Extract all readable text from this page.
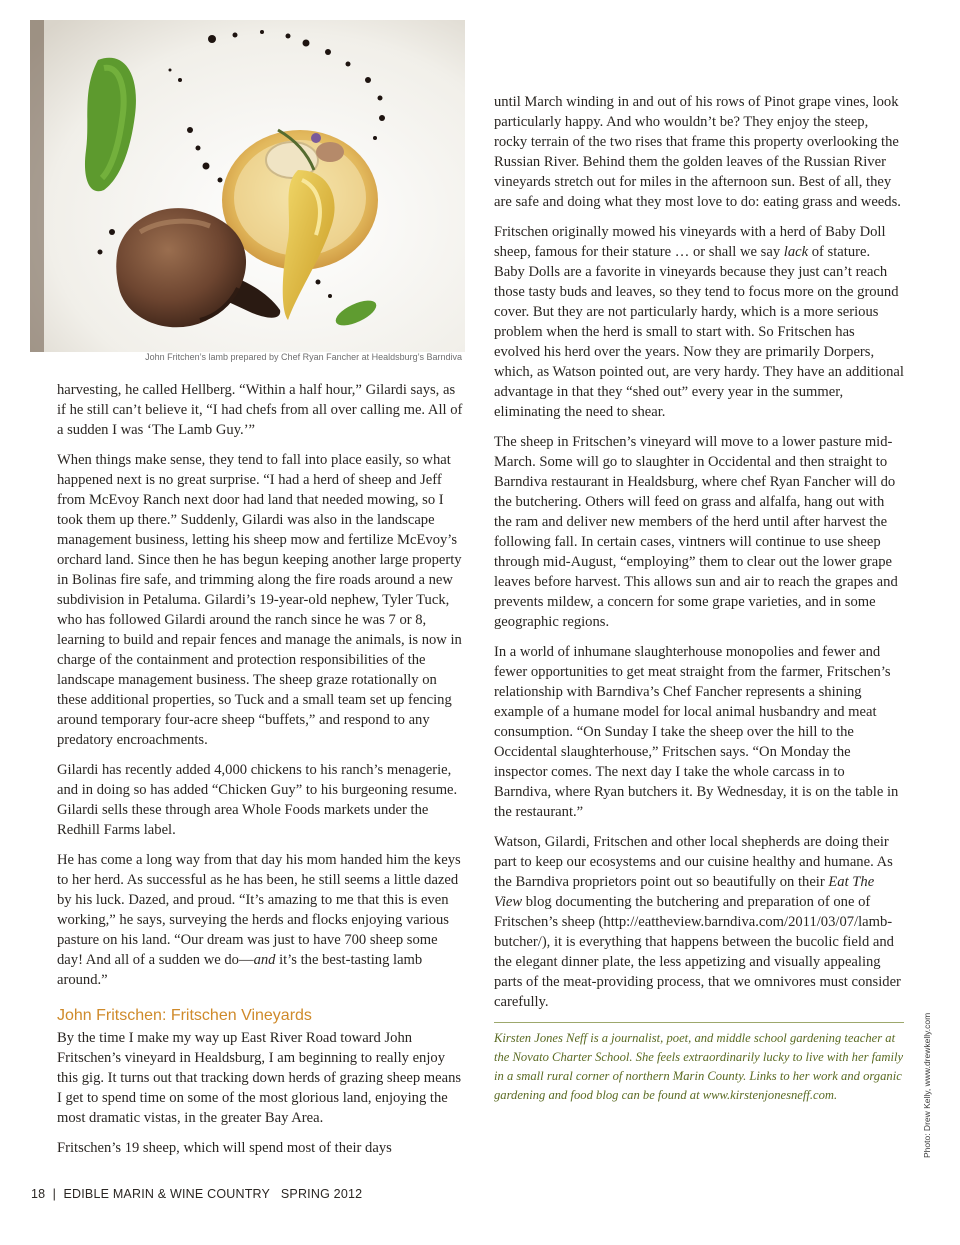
John Fritchen’s lamb prepared by Chef Ryan Fancher at Healdsburg’s Barndiva

harvesting, he called Hellberg. “Within a half hour,” Gilardi says, as if he still can’t believe it, “I had chefs from all over calling me. All of a sudden I was ‘The Lamb Guy.’”

When things make sense, they tend to fall into place easily, so what happened next is no great surprise. “I had a herd of sheep and Jeff from McEvoy Ranch next door had land that needed mowing, so I took them up there.” Suddenly, Gilardi was also in the landscape management business, letting his sheep mow and fertilize McEvoy’s orchard land. Since then he has begun keeping another large property in Bolinas fire safe, and trimming along the fire roads around a new subdivision in Petaluma. Gilardi’s 19-year-old nephew, Tyler Tuck, who has followed Gilardi around the ranch since he was 7 or 8, learning to build and repair fences and manage the animals, is now in charge of the containment and protection responsibilities of the landscape management business. The sheep graze rotationally on these additional properties, so Tuck and a small team set up fencing around temporary four-acre sheep “buffets,” and respond to any predatory encroachments.

Gilardi has recently added 4,000 chickens to his ranch’s menagerie, and in doing so has added “Chicken Guy” to his burgeoning resume. Gilardi sells these through area Whole Foods markets under the Redhill Farms label.

He has come a long way from that day his mom handed him the keys to her herd. As successful as he has been, he still seems a little dazed by his luck. Dazed, and proud. “It’s amazing to me that this is even working,” he says, surveying the herds and flocks enjoying various pasture on his land. “Our dream was just to have 700 sheep some day! And all of a sudden we do—and it’s the best-tasting lamb around.”

John Fritschen: Fritschen Vineyards

By the time I make my way up East River Road toward John Fritschen’s vineyard in Healdsburg, I am beginning to really enjoy this gig. It turns out that tracking down herds of grazing sheep means I get to spend time on some of the most glorious land, enjoying the most dramatic vistas, in the greater Bay Area.

Fritschen’s 19 sheep, which will spend most of their days

until March winding in and out of his rows of Pinot grape vines, look particularly happy. And who wouldn’t be? They enjoy the steep, rocky terrain of the two rises that frame this property overlooking the Russian River. Behind them the golden leaves of the Russian River vineyards stretch out for miles in the afternoon sun. Best of all, they are safe and doing what they most love to do: eating grass and weeds.

Fritschen originally mowed his vineyards with a herd of Baby Doll sheep, famous for their stature … or shall we say lack of stature. Baby Dolls are a favorite in vineyards because they just can’t reach those tasty buds and leaves, so they tend to focus more on the ground cover. But they are not particularly hardy, which is a more serious problem when the herd is small to start with. So Fritschen has evolved his herd over the years. Now they are primarily Dorpers, which, as Watson pointed out, are very hardy. They have an additional advantage in that they “shed out” every year in the summer, eliminating the need to shear.

The sheep in Fritschen’s vineyard will move to a lower pasture mid-March. Some will go to slaughter in Occidental and then straight to Barndiva restaurant in Healdsburg, where chef Ryan Fancher will do the butchering. Others will feed on grass and alfalfa, hang out with the ram and deliver new members of the herd until after harvest the following fall. In certain cases, vintners will continue to use sheep through mid-August, “employing” them to clear out the lower grape leaves before harvest. This allows sun and air to reach the grapes and prevents mildew, a concern for some grape varieties, and in some geographic regions.

In a world of inhumane slaughterhouse monopolies and fewer and fewer opportunities to get meat straight from the farmer, Fritschen’s relationship with Barndiva’s Chef Fancher represents a shining example of a humane model for local animal husbandry and meat consumption. “On Sunday I take the sheep over the hill to the Occidental slaughterhouse,” Fritschen says. “On Monday the inspector comes. The next day I take the whole carcass in to Barndiva, where Ryan butchers it. By Wednesday, it is on the table in the restaurant.”

Watson, Gilardi, Fritschen and other local shepherds are doing their part to keep our ecosystems and our cuisine healthy and humane. As the Barndiva proprietors point out so beautifully on their Eat The View blog documenting the butchering and preparation of one of Fritschen’s sheep (http://eattheview.barndiva.com/2011/03/07/lamb-butcher/), it is everything that happens between the bucolic field and the elegant dinner plate, the less appetizing and visually appealing parts of the meat-providing process, that we omnivores must consider carefully.

Kirsten Jones Neff is a journalist, poet, and middle school gardening teacher at the Novato Charter School. She feels extraordinarily lucky to live with her family in a small rural corner of northern Marin County. Links to her work and organic gardening and food blog can be found at www.kirstenjonesneff.com.
18 | EDIBLE MARIN & WINE COUNTRY SPRING 2012
Photo: Drew Kelly, www.drewkelly.com
